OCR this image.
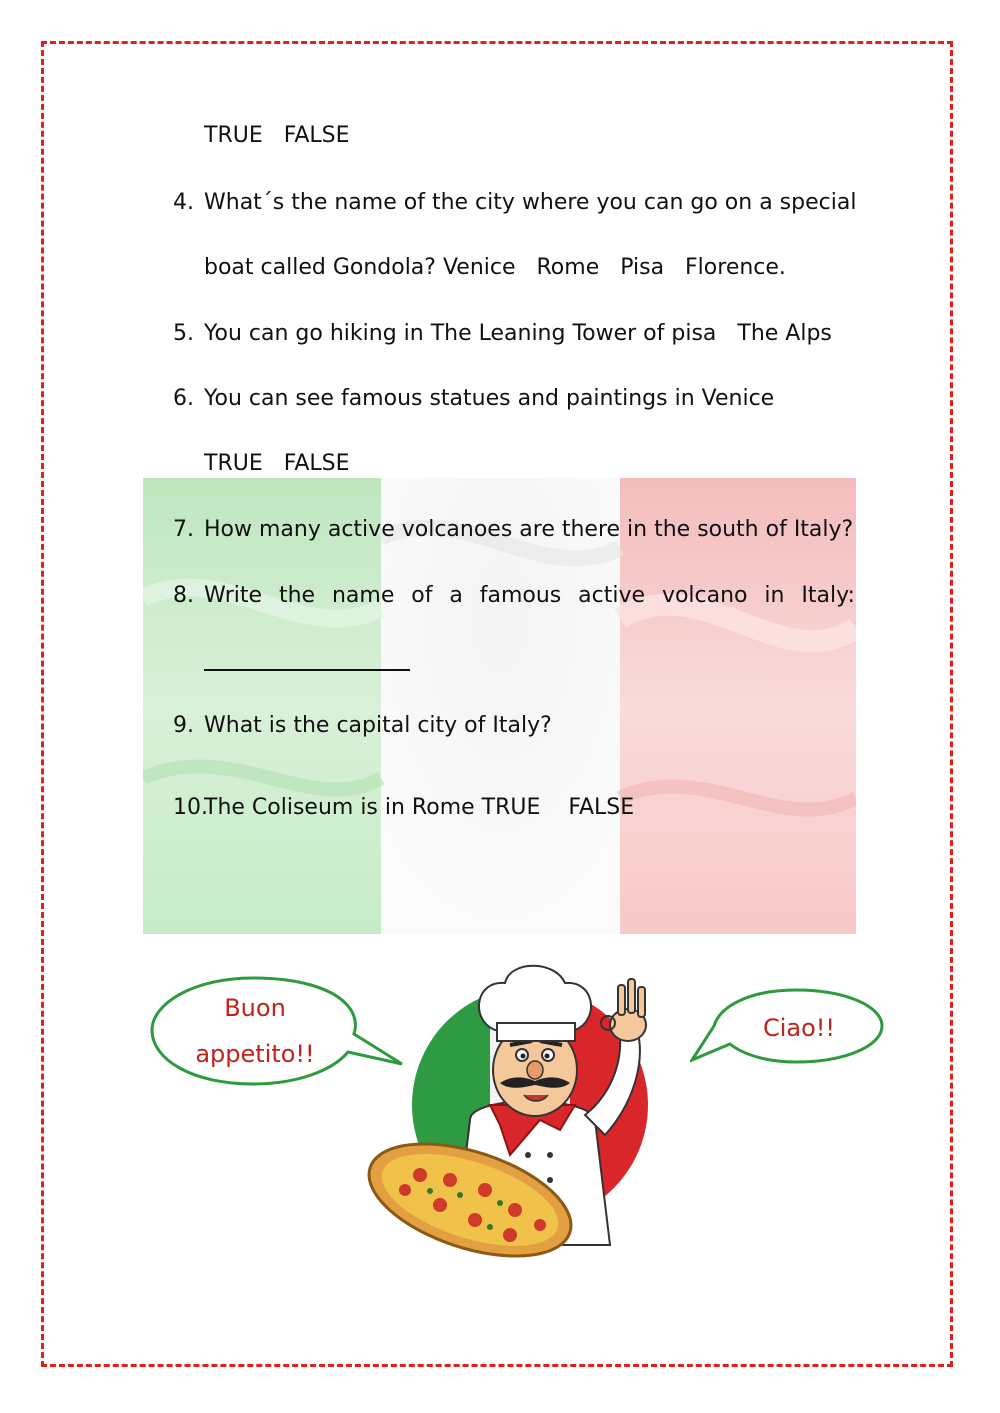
TRUE   FALSE
4. What´s the name of the city where you can go on a special
boat called Gondola? Venice   Rome   Pisa   Florence.
5. You can go hiking in The Leaning Tower of pisa   The Alps
6. You can see famous statues and paintings in Venice
TRUE   FALSE
7. How many active volcanoes are there in the south of Italy?
8. Write the name of a famous active volcano in Italy:
9. What is the capital city of Italy?
10.
The Coliseum is in Rome TRUE    FALSE
Buon
appetito!!
Ciao!!
